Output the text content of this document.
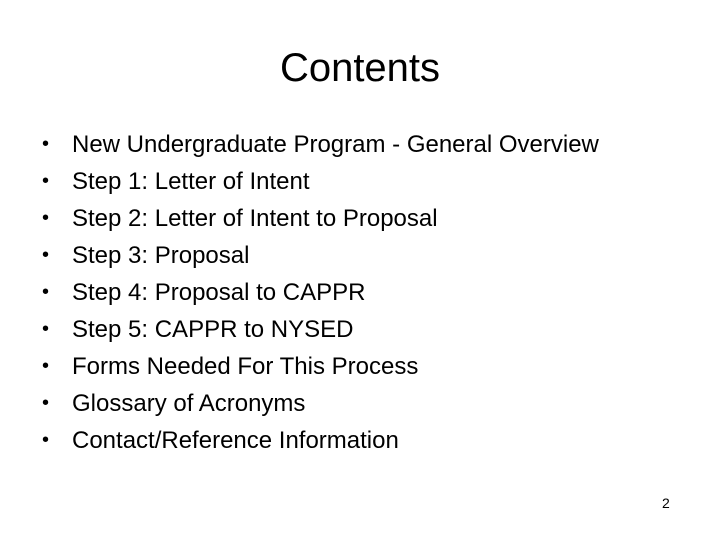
Contents
• New Undergraduate Program - General Overview
• Step 1: Letter of Intent
• Step 2: Letter of Intent to Proposal
• Step 3: Proposal
• Step 4: Proposal to CAPPR
• Step 5: CAPPR to NYSED
• Forms Needed For This Process
• Glossary of Acronyms
• Contact/Reference Information
2
